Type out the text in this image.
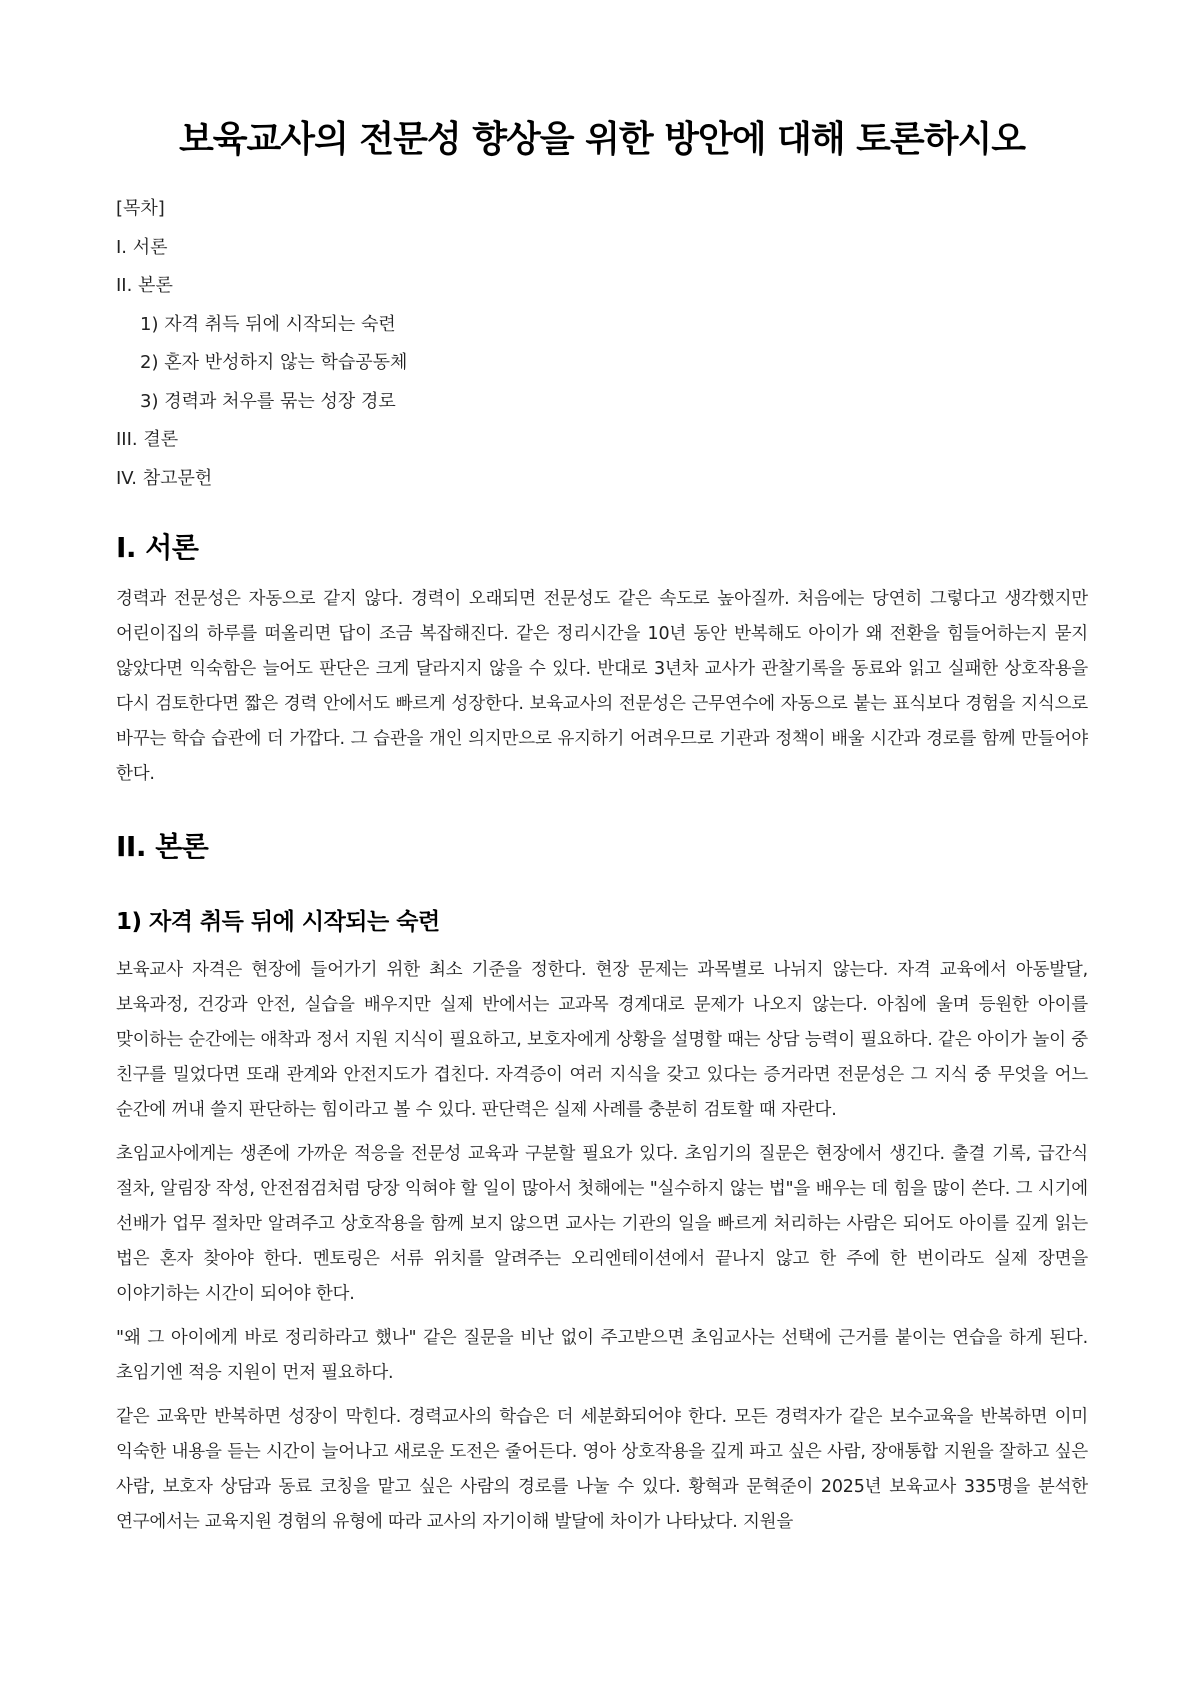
보육교사의 전문성 향상을 위한 방안에 대해 토론하시오

[목차]

I. 서론

II. 본론

1) 자격 취득 뒤에 시작되는 숙련

2) 혼자 반성하지 않는 학습공동체

3) 경력과 처우를 묶는 성장 경로

III. 결론

IV. 참고문헌

I. 서론

경력과 전문성은 자동으로 같지 않다. 경력이 오래되면 전문성도 같은 속도로 높아질까. 처음에는 당연히 그렇다고 생각했지만 어린이집의 하루를 떠올리면 답이 조금 복잡해진다. 같은 정리시간을 10년 동안 반복해도 아이가 왜 전환을 힘들어하는지 묻지 않았다면 익숙함은 늘어도 판단은 크게 달라지지 않을 수 있다. 반대로 3년차 교사가 관찰기록을 동료와 읽고 실패한 상호작용을 다시 검토한다면 짧은 경력 안에서도 빠르게 성장한다. 보육교사의 전문성은 근무연수에 자동으로 붙는 표식보다 경험을 지식으로 바꾸는 학습 습관에 더 가깝다. 그 습관을 개인 의지만으로 유지하기 어려우므로 기관과 정책이 배울 시간과 경로를 함께 만들어야 한다.

II. 본론
1) 자격 취득 뒤에 시작되는 숙련

보육교사 자격은 현장에 들어가기 위한 최소 기준을 정한다. 현장 문제는 과목별로 나뉘지 않는다. 자격 교육에서 아동발달, 보육과정, 건강과 안전, 실습을 배우지만 실제 반에서는 교과목 경계대로 문제가 나오지 않는다. 아침에 울며 등원한 아이를 맞이하는 순간에는 애착과 정서 지원 지식이 필요하고, 보호자에게 상황을 설명할 때는 상담 능력이 필요하다. 같은 아이가 놀이 중 친구를 밀었다면 또래 관계와 안전지도가 겹친다. 자격증이 여러 지식을 갖고 있다는 증거라면 전문성은 그 지식 중 무엇을 어느 순간에 꺼내 쓸지 판단하는 힘이라고 볼 수 있다. 판단력은 실제 사례를 충분히 검토할 때 자란다.

초임교사에게는 생존에 가까운 적응을 전문성 교육과 구분할 필요가 있다. 초임기의 질문은 현장에서 생긴다. 출결 기록, 급간식 절차, 알림장 작성, 안전점검처럼 당장 익혀야 할 일이 많아서 첫해에는 "실수하지 않는 법"을 배우는 데 힘을 많이 쓴다. 그 시기에 선배가 업무 절차만 알려주고 상호작용을 함께 보지 않으면 교사는 기관의 일을 빠르게 처리하는 사람은 되어도 아이를 깊게 읽는 법은 혼자 찾아야 한다. 멘토링은 서류 위치를 알려주는 오리엔테이션에서 끝나지 않고 한 주에 한 번이라도 실제 장면을 이야기하는 시간이 되어야 한다.

"왜 그 아이에게 바로 정리하라고 했나" 같은 질문을 비난 없이 주고받으면 초임교사는 선택에 근거를 붙이는 연습을 하게 된다. 초임기엔 적응 지원이 먼저 필요하다.

같은 교육만 반복하면 성장이 막힌다. 경력교사의 학습은 더 세분화되어야 한다. 모든 경력자가 같은 보수교육을 반복하면 이미 익숙한 내용을 듣는 시간이 늘어나고 새로운 도전은 줄어든다. 영아 상호작용을 깊게 파고 싶은 사람, 장애통합 지원을 잘하고 싶은 사람, 보호자 상담과 동료 코칭을 맡고 싶은 사람의 경로를 나눌 수 있다. 황혁과 문혁준이 2025년 보육교사 335명을 분석한 연구에서는 교육지원 경험의 유형에 따라 교사의 자기이해 발달에 차이가 나타났다. 지원을
